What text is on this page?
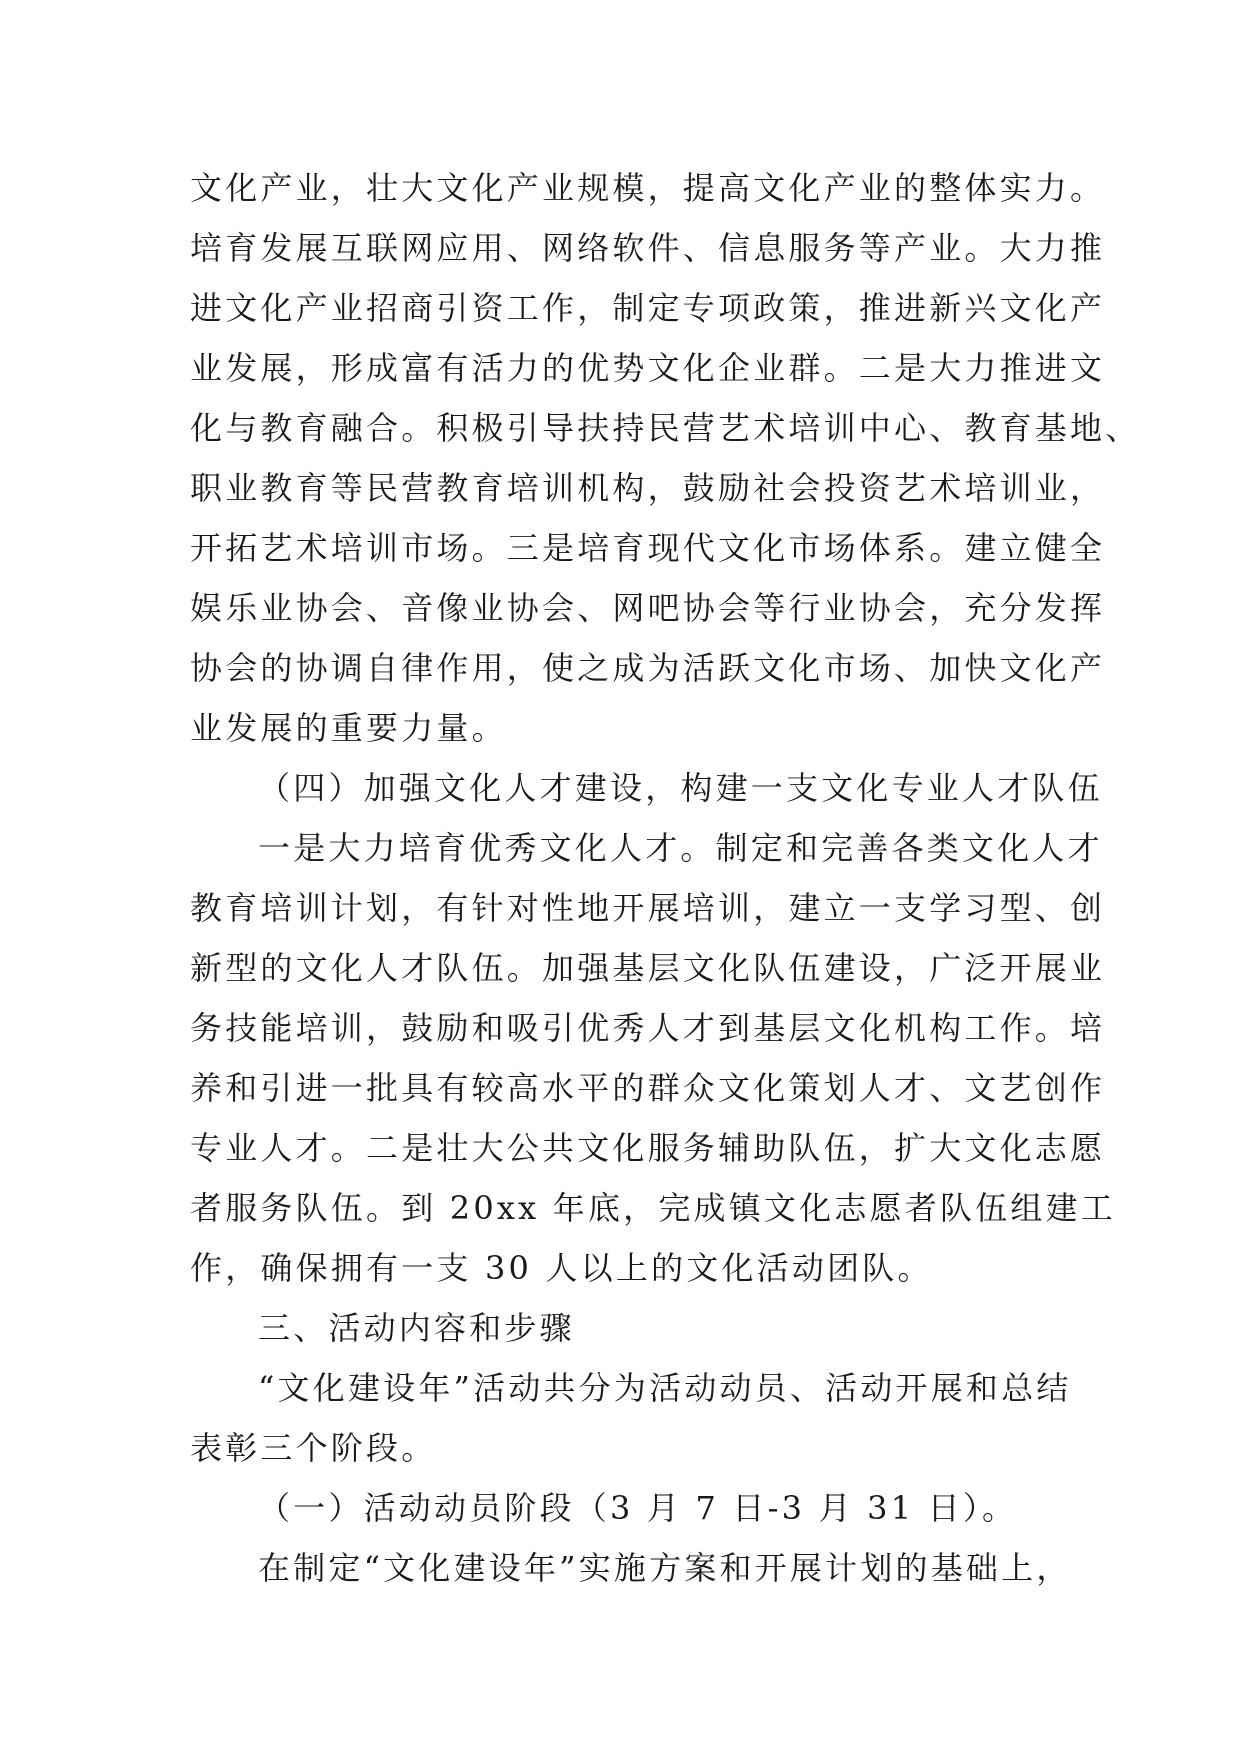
文化产业，壮大文化产业规模，提高文化产业的整体实力。
培育发展互联网应用、网络软件、信息服务等产业。大力推
进文化产业招商引资工作，制定专项政策，推进新兴文化产
业发展，形成富有活力的优势文化企业群。二是大力推进文
化与教育融合。积极引导扶持民营艺术培训中心、教育基地、
职业教育等民营教育培训机构，鼓励社会投资艺术培训业，
开拓艺术培训市场。三是培育现代文化市场体系。建立健全
娱乐业协会、音像业协会、网吧协会等行业协会，充分发挥
协会的协调自律作用，使之成为活跃文化市场、加快文化产
业发展的重要力量。
（四）加强文化人才建设，构建一支文化专业人才队伍
一是大力培育优秀文化人才。制定和完善各类文化人才
教育培训计划，有针对性地开展培训，建立一支学习型、创
新型的文化人才队伍。加强基层文化队伍建设，广泛开展业
务技能培训，鼓励和吸引优秀人才到基层文化机构工作。培
养和引进一批具有较高水平的群众文化策划人才、文艺创作
专业人才。二是壮大公共文化服务辅助队伍，扩大文化志愿
者服务队伍。到 20xx 年底，完成镇文化志愿者队伍组建工
作，确保拥有一支 30 人以上的文化活动团队。
三、活动内容和步骤
“文化建设年”活动共分为活动动员、活动开展和总结
表彰三个阶段。
（一）活动动员阶段（3 月 7 日-3 月 31 日）。
在制定“文化建设年”实施方案和开展计划的基础上，
